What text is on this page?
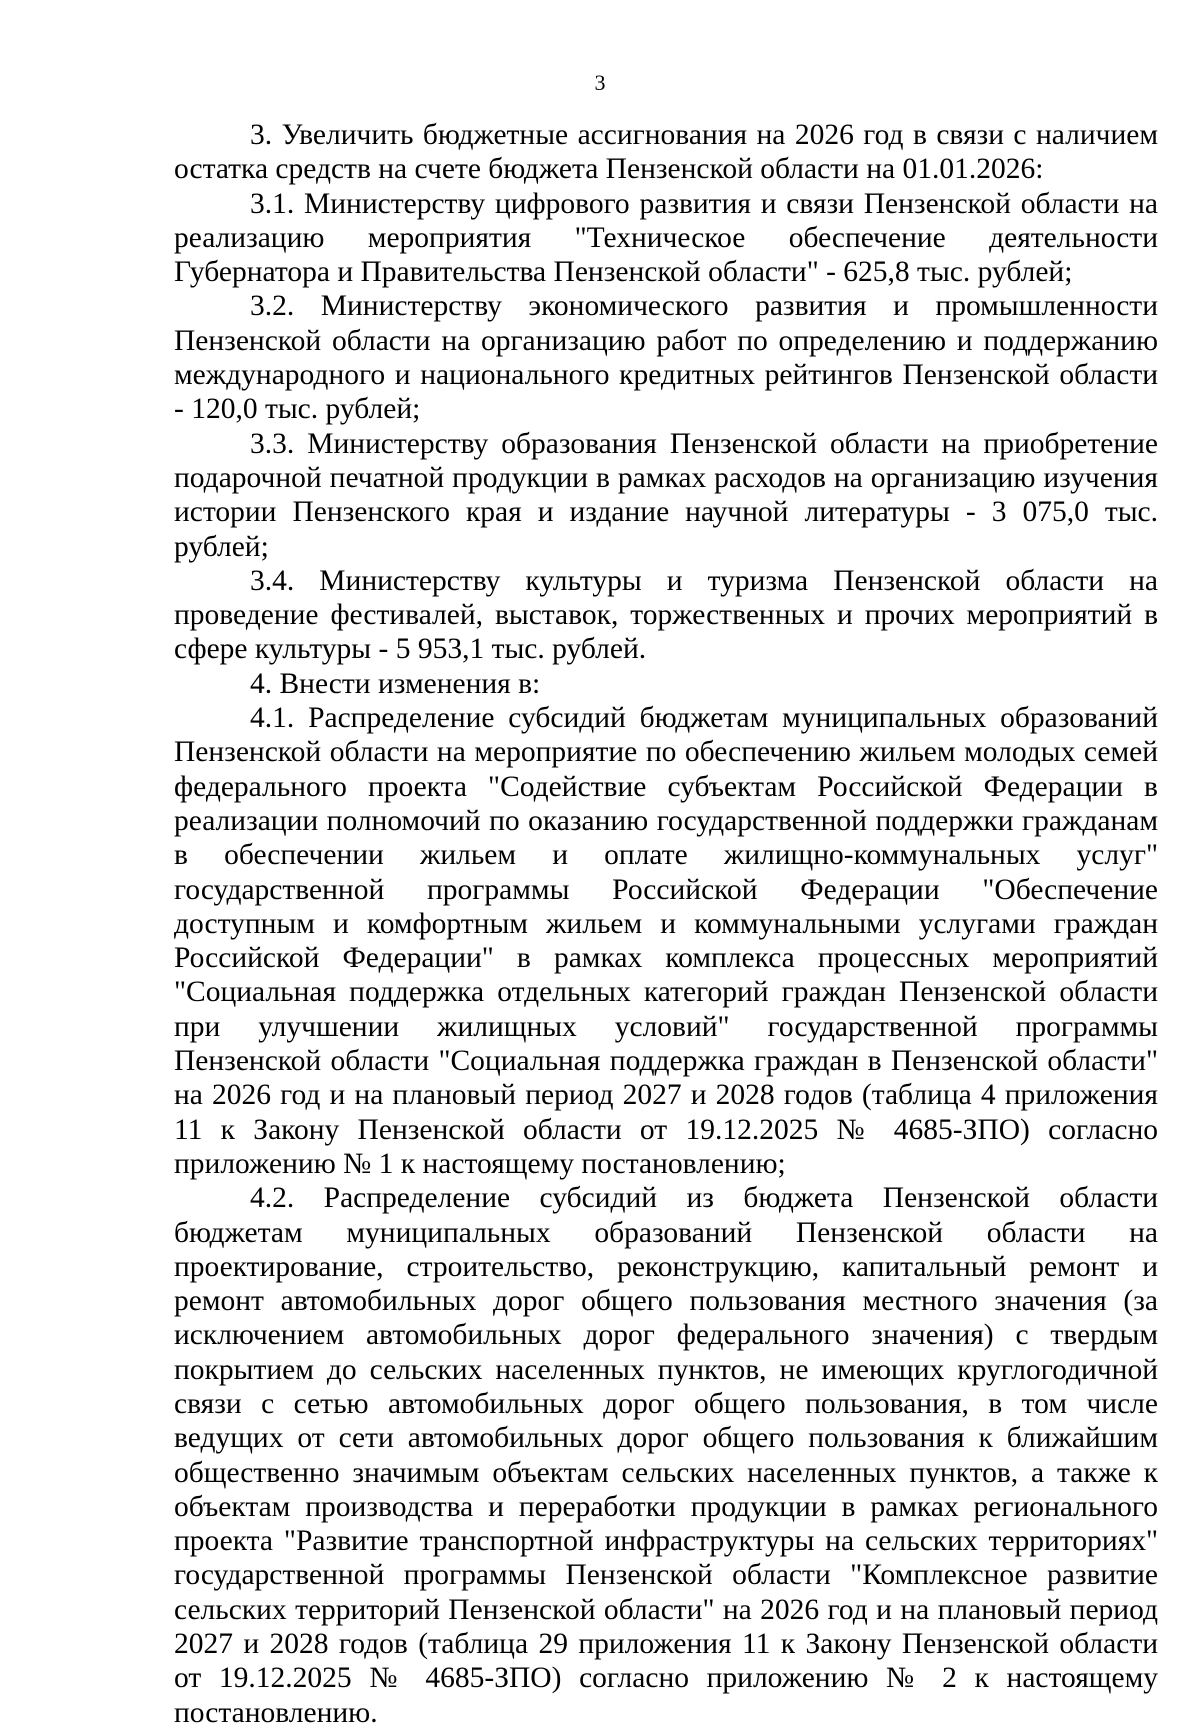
3

3. Увеличить бюджетные ассигнования на 2026 год в связи с наличием остатка средств на счете бюджета Пензенской области на 01.01.2026:

3.1. Министерству цифрового развития и связи Пензенской области на реализацию мероприятия "Техническое обеспечение деятельности Губернатора и Правительства Пензенской области" - 625,8 тыс. рублей;

3.2. Министерству экономического развития и промышленности Пензенской области на организацию работ по определению и поддержанию международного и национального кредитных рейтингов Пензенской области - 120,0 тыс. рублей;

3.3. Министерству образования Пензенской области на приобретение подарочной печатной продукции в рамках расходов на организацию изучения истории Пензенского края и издание научной литературы - 3 075,0 тыс. рублей;

3.4. Министерству культуры и туризма Пензенской области на проведение фестивалей, выставок, торжественных и прочих мероприятий в сфере культуры - 5 953,1 тыс. рублей.

4. Внести изменения в:

4.1. Распределение субсидий бюджетам муниципальных образований Пензенской области на мероприятие по обеспечению жильем молодых семей федерального проекта "Содействие субъектам Российской Федерации в реализации полномочий по оказанию государственной поддержки гражданам в обеспечении жильем и оплате жилищно-коммунальных услуг" государственной программы Российской Федерации "Обеспечение доступным и комфортным жильем и коммунальными услугами граждан Российской Федерации" в рамках комплекса процессных мероприятий "Социальная поддержка отдельных категорий граждан Пензенской области при улучшении жилищных условий" государственной программы Пензенской области "Социальная поддержка граждан в Пензенской области" на 2026 год и на плановый период 2027 и 2028 годов (таблица 4 приложения 11 к Закону Пензенской области от 19.12.2025 № 4685-ЗПО) согласно приложению № 1 к настоящему постановлению;

4.2. Распределение субсидий из бюджета Пензенской области бюджетам муниципальных образований Пензенской области на проектирование, строительство, реконструкцию, капитальный ремонт и ремонт автомобильных дорог общего пользования местного значения (за исключением автомобильных дорог федерального значения) с твердым покрытием до сельских населенных пунктов, не имеющих круглогодичной связи с сетью автомобильных дорог общего пользования, в том числе ведущих от сети автомобильных дорог общего пользования к ближайшим общественно значимым объектам сельских населенных пунктов, а также к объектам производства и переработки продукции в рамках регионального проекта "Развитие транспортной инфраструктуры на сельских территориях" государственной программы Пензенской области "Комплексное развитие сельских территорий Пензенской области" на 2026 год и на плановый период 2027 и 2028 годов (таблица 29 приложения 11 к Закону Пензенской области от 19.12.2025 № 4685-ЗПО) согласно приложению № 2 к настоящему постановлению.
